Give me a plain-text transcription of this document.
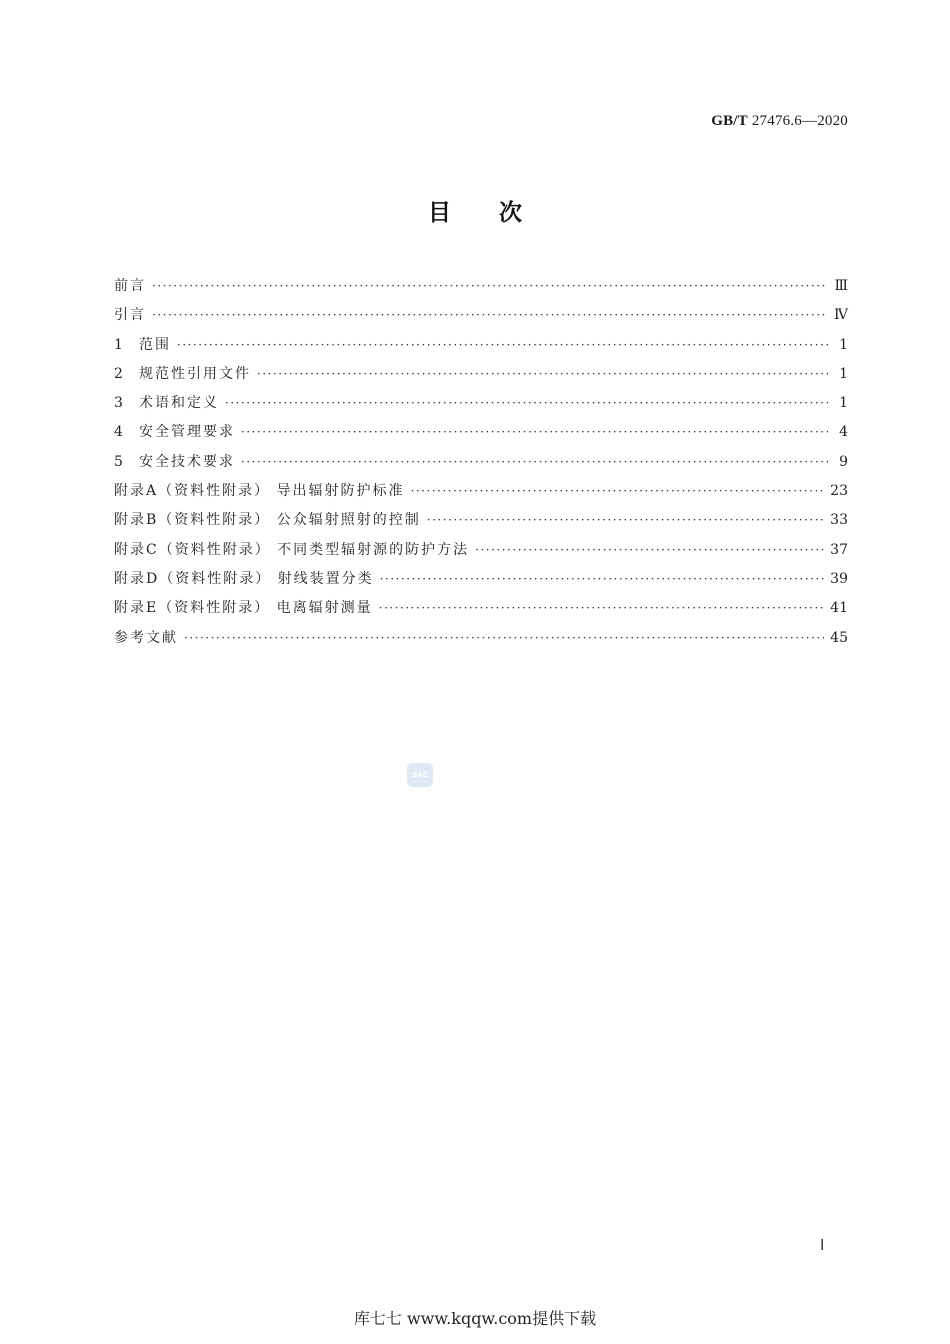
GB/T 27476.6—2020
目次
前言 ·····	Ⅲ
引言 ·····	Ⅳ
1 范围 ·····	1
2 规范性引用文件 ·····	1
3 术语和定义 ·····	1
4 安全管理要求 ·····	4
5 安全技术要求 ·····	9
附录A（资料性附录） 导出辐射防护标准 ·····	23
附录B（资料性附录） 公众辐射照射的控制 ·····	33
附录C（资料性附录） 不同类型辐射源的防护方法 ·····	37
附录D（资料性附录） 射线装置分类 ·····	39
附录E（资料性附录） 电离辐射测量 ·····	41
参考文献 ·····	45
SAC
Ⅰ
库七七 www.kqqw.com提供下载
